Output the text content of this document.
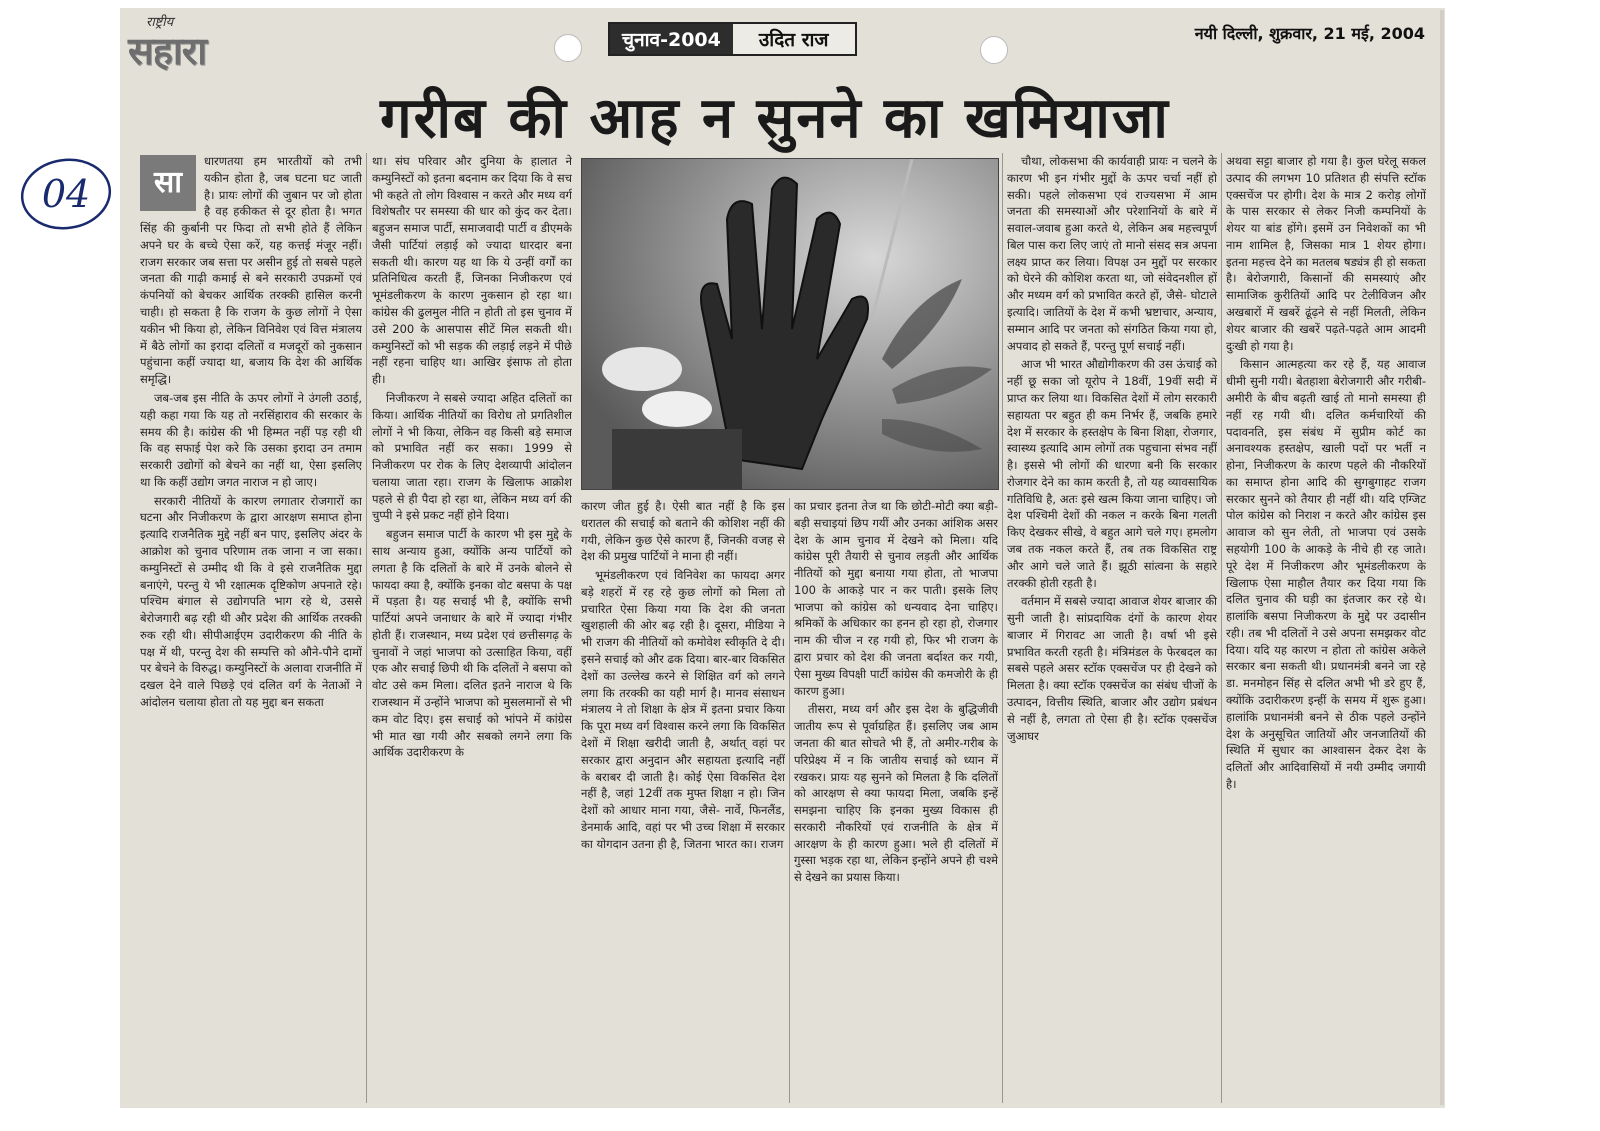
राष्ट्रीय
सहारा	चुनाव-2004	उदित राज	नयी दिल्ली, शुक्रवार, 21 मई, 2004
गरीब की आह न सुनने का खमियाजा
सा

धारणतया हम भारतीयों को तभी यकीन होता है, जब घटना घट जाती है। प्रायः लोगों की जुबान पर जो होता है वह हकीकत से दूर होता है। भगत सिंह की कुर्बानी पर फिदा तो सभी होते हैं लेकिन अपने घर के बच्चे ऐसा करें, यह कत्तई मंजूर नहीं। राजग सरकार जब सत्ता पर असीन हुई तो सबसे पहले जनता की गाढ़ी कमाई से बने सरकारी उपक्रमों एवं कंपनियों को बेचकर आर्थिक तरक्की हासिल करनी चाही। हो सकता है कि राजग के कुछ लोगों ने ऐसा यकीन भी किया हो, लेकिन विनिवेश एवं वित्त मंत्रालय में बैठे लोगों का इरादा दलितों व मजदूरों को नुकसान पहुंचाना कहीं ज्यादा था, बजाय कि देश की आर्थिक समृद्धि।

जब-जब इस नीति के ऊपर लोगों ने उंगली उठाई, यही कहा गया कि यह तो नरसिंहाराव की सरकार के समय की है। कांग्रेस की भी हिम्मत नहीं पड़ रही थी कि वह सफाई पेश करे कि उसका इरादा उन तमाम सरकारी उद्योगों को बेचने का नहीं था, ऐसा इसलिए था कि कहीं उद्योग जगत नाराज न हो जाए।

सरकारी नीतियों के कारण लगातार रोजगारों का घटना और निजीकरण के द्वारा आरक्षण समाप्त होना इत्यादि राजनैतिक मुद्दे नहीं बन पाए, इसलिए अंदर के आक्रोश को चुनाव परिणाम तक जाना न जा सका। कम्युनिस्टों से उम्मीद थी कि वे इसे राजनैतिक मुद्दा बनाएंगे, परन्तु ये भी रक्षात्मक दृष्टिकोण अपनाते रहे। पश्चिम बंगाल से उद्योगपति भाग रहे थे, उससे बेरोजगारी बढ़ रही थी और प्रदेश की आर्थिक तरक्की रुक रही थी। सीपीआईएम उदारीकरण की नीति के पक्ष में थी, परन्तु देश की सम्पत्ति को औने-पौने दामों पर बेचने के विरुद्ध। कम्युनिस्टों के अलावा राजनीति में दखल देने वाले पिछड़े एवं दलित वर्ग के नेताओं ने आंदोलन चलाया होता तो यह मुद्दा बन सकता

था। संघ परिवार और दुनिया के हालात ने कम्युनिस्टों को इतना बदनाम कर दिया कि वे सच भी कहते तो लोग विश्वास न करते और मध्य वर्ग विशेषतौर पर समस्या की धार को कुंद कर देता। बहुजन समाज पार्टी, समाजवादी पार्टी व डीएमके जैसी पार्टियां लड़ाई को ज्यादा धारदार बना सकती थी। कारण यह था कि ये उन्हीं वर्गों का प्रतिनिधित्व करती हैं, जिनका निजीकरण एवं भूमंडलीकरण के कारण नुकसान हो रहा था। कांग्रेस की ढुलमुल नीति न होती तो इस चुनाव में उसे 200 के आसपास सीटें मिल सकती थी। कम्युनिस्टों को भी सड़क की लड़ाई लड़ने में पीछे नहीं रहना चाहिए था। आखिर इंसाफ तो होता ही।

निजीकरण ने सबसे ज्यादा अहित दलितों का किया। आर्थिक नीतियों का विरोध तो प्रगतिशील लोगों ने भी किया, लेकिन वह किसी बड़े समाज को प्रभावित नहीं कर सका। 1999 से निजीकरण पर रोक के लिए देशव्यापी आंदोलन चलाया जाता रहा। राजग के खिलाफ आक्रोश पहले से ही पैदा हो रहा था, लेकिन मध्य वर्ग की चुप्पी ने इसे प्रकट नहीं होने दिया।

बहुजन समाज पार्टी के कारण भी इस मुद्दे के साथ अन्याय हुआ, क्योंकि अन्य पार्टियों को लगता है कि दलितों के बारे में उनके बोलने से फायदा क्या है, क्योंकि इनका वोट बसपा के पक्ष में पड़ता है। यह सचाई भी है, क्योंकि सभी पार्टियां अपने जनाधार के बारे में ज्यादा गंभीर होती हैं। राजस्थान, मध्य प्रदेश एवं छत्तीसगढ़ के चुनावों ने जहां भाजपा को उत्साहित किया, वहीं एक और सचाई छिपी थी कि दलितों ने बसपा को वोट उसे कम मिला। दलित इतने नाराज थे कि राजस्थान में उन्होंने भाजपा को मुसलमानों से भी कम वोट दिए। इस सचाई को भांपने में कांग्रेस भी मात खा गयी और सबको लगने लगा कि आर्थिक उदारीकरण के

कारण जीत हुई है। ऐसी बात नहीं है कि इस धरातल की सचाई को बताने की कोशिश नहीं की गयी, लेकिन कुछ ऐसे कारण हैं, जिनकी वजह से देश की प्रमुख पार्टियों ने माना ही नहीं।

भूमंडलीकरण एवं विनिवेश का फायदा अगर बड़े शहरों में रह रहे कुछ लोगों को मिला तो प्रचारित ऐसा किया गया कि देश की जनता खुशहाली की ओर बढ़ रही है। दूसरा, मीडिया ने भी राजग की नीतियों को कमोवेश स्वीकृति दे दी। इसने सचाई को और ढक दिया। बार-बार विकसित देशों का उल्लेख करने से शिक्षित वर्ग को लगने लगा कि तरक्की का यही मार्ग है। मानव संसाधन मंत्रालय ने तो शिक्षा के क्षेत्र में इतना प्रचार किया कि पूरा मध्य वर्ग विश्वास करने लगा कि विकसित देशों में शिक्षा खरीदी जाती है, अर्थात् वहां पर सरकार द्वारा अनुदान और सहायता इत्यादि नहीं के बराबर दी जाती है। कोई ऐसा विकसित देश नहीं है, जहां 12वीं तक मुफ्त शिक्षा न हो। जिन देशों को आधार माना गया, जैसे- नार्वे, फिनलैंड, डेनमार्क आदि, वहां पर भी उच्च शिक्षा में सरकार का योगदान उतना ही है, जितना भारत का। राजग

का प्रचार इतना तेज था कि छोटी-मोटी क्या बड़ी-बड़ी सचाइयां छिप गयीं और उनका आंशिक असर देश के आम चुनाव में देखने को मिला। यदि कांग्रेस पूरी तैयारी से चुनाव लड़ती और आर्थिक नीतियों को मुद्दा बनाया गया होता, तो भाजपा 100 के आकड़े पार न कर पाती। इसके लिए भाजपा को कांग्रेस को धन्यवाद देना चाहिए। श्रमिकों के अधिकार का हनन हो रहा हो, रोजगार नाम की चीज न रह गयी हो, फिर भी राजग के द्वारा प्रचार को देश की जनता बर्दाश्त कर गयी, ऐसा मुख्य विपक्षी पार्टी कांग्रेस की कमजोरी के ही कारण हुआ।

तीसरा, मध्य वर्ग और इस देश के बुद्धिजीवी जातीय रूप से पूर्वाग्रहित हैं। इसलिए जब आम जनता की बात सोचते भी हैं, तो अमीर-गरीब के परिप्रेक्ष्य में न कि जातीय सचाई को ध्यान में रखकर। प्रायः यह सुनने को मिलता है कि दलितों को आरक्षण से क्या फायदा मिला, जबकि इन्हें समझना चाहिए कि इनका मुख्य विकास ही सरकारी नौकरियों एवं राजनीति के क्षेत्र में आरक्षण के ही कारण हुआ। भले ही दलितों में गुस्सा भड़क रहा था, लेकिन इन्होंने अपने ही चश्मे से देखने का प्रयास किया।

चौथा, लोकसभा की कार्यवाही प्रायः न चलने के कारण भी इन गंभीर मुद्दों के ऊपर चर्चा नहीं हो सकी। पहले लोकसभा एवं राज्यसभा में आम जनता की समस्याओं और परेशानियों के बारे में सवाल-जवाब हुआ करते थे, लेकिन अब महत्त्वपूर्ण बिल पास करा लिए जाएं तो मानो संसद सत्र अपना लक्ष्य प्राप्त कर लिया। विपक्ष उन मुद्दों पर सरकार को घेरने की कोशिश करता था, जो संवेदनशील हों और मध्यम वर्ग को प्रभावित करते हों, जैसे- घोटाले इत्यादि। जातियों के देश में कभी भ्रष्टाचार, अन्याय, सम्मान आदि पर जनता को संगठित किया गया हो, अपवाद हो सकते हैं, परन्तु पूर्ण सचाई नहीं।

आज भी भारत औद्योगीकरण की उस ऊंचाई को नहीं छू सका जो यूरोप ने 18वीं, 19वीं सदी में प्राप्त कर लिया था। विकसित देशों में लोग सरकारी सहायता पर बहुत ही कम निर्भर हैं, जबकि हमारे देश में सरकार के हस्तक्षेप के बिना शिक्षा, रोजगार, स्वास्थ्य इत्यादि आम लोगों तक पहुचाना संभव नहीं है। इससे भी लोगों की धारणा बनी कि सरकार रोजगार देने का काम करती है, तो यह व्यावसायिक गतिविधि है, अतः इसे खत्म किया जाना चाहिए। जो देश पश्चिमी देशों की नकल न करके बिना गलती किए देखकर सीखे, वे बहुत आगे चले गए। हमलोग जब तक नकल करते हैं, तब तक विकसित राष्ट्र और आगे चले जाते हैं। झूठी सांत्वना के सहारे तरक्की होती रहती है।

वर्तमान में सबसे ज्यादा आवाज शेयर बाजार की सुनी जाती है। सांप्रदायिक दंगों के कारण शेयर बाजार में गिरावट आ जाती है। वर्षा भी इसे प्रभावित करती रहती है। मंत्रिमंडल के फेरबदल का सबसे पहले असर स्टॉक एक्सचेंज पर ही देखने को मिलता है। क्या स्टॉक एक्सचेंज का संबंध चीजों के उत्पादन, वित्तीय स्थिति, बाजार और उद्योग प्रबंधन से नहीं है, लगता तो ऐसा ही है। स्टॉक एक्सचेंज जुआघर

अथवा सट्टा बाजार हो गया है। कुल घरेलू सकल उत्पाद की लगभग 10 प्रतिशत ही संपत्ति स्टॉक एक्सचेंज पर होगी। देश के मात्र 2 करोड़ लोगों के पास सरकार से लेकर निजी कम्पनियों के शेयर या बांड होंगे। इसमें उन निवेशकों का भी नाम शामिल है, जिसका मात्र 1 शेयर होगा। इतना महत्त्व देने का मतलब षड्यंत्र ही हो सकता है। बेरोजगारी, किसानों की समस्याएं और सामाजिक कुरीतियों आदि पर टेलीविजन और अखबारों में खबरें ढूंढ़ने से नहीं मिलती, लेकिन शेयर बाजार की खबरें पढ़ते-पढ़ते आम आदमी दुःखी हो गया है।

किसान आत्महत्या कर रहे हैं, यह आवाज धीमी सुनी गयी। बेतहाशा बेरोजगारी और गरीबी-अमीरी के बीच बढ़ती खाई तो मानो समस्या ही नहीं रह गयी थी। दलित कर्मचारियों की पदावनति, इस संबंध में सुप्रीम कोर्ट का अनावश्यक हस्तक्षेप, खाली पदों पर भर्ती न होना, निजीकरण के कारण पहले की नौकरियों का समाप्त होना आदि की सुगबुगाहट राजग सरकार सुनने को तैयार ही नहीं थी। यदि एग्जिट पोल कांग्रेस को निराश न करते और कांग्रेस इस आवाज को सुन लेती, तो भाजपा एवं उसके सहयोगी 100 के आकड़े के नीचे ही रह जाते। पूरे देश में निजीकरण और भूमंडलीकरण के खिलाफ ऐसा माहौल तैयार कर दिया गया कि दलित चुनाव की घड़ी का इंतजार कर रहे थे। हालांकि बसपा निजीकरण के मुद्दे पर उदासीन रही। तब भी दलितों ने उसे अपना समझकर वोट दिया। यदि यह कारण न होता तो कांग्रेस अकेले सरकार बना सकती थी। प्रधानमंत्री बनने जा रहे डा. मनमोहन सिंह से दलित अभी भी डरे हुए हैं, क्योंकि उदारीकरण इन्हीं के समय में शुरू हुआ। हालांकि प्रधानमंत्री बनने से ठीक पहले उन्होंने देश के अनुसूचित जातियों और जनजातियों की स्थिति में सुधार का आश्वासन देकर देश के दलितों और आदिवासियों में नयी उम्मीद जगायी है।

04
